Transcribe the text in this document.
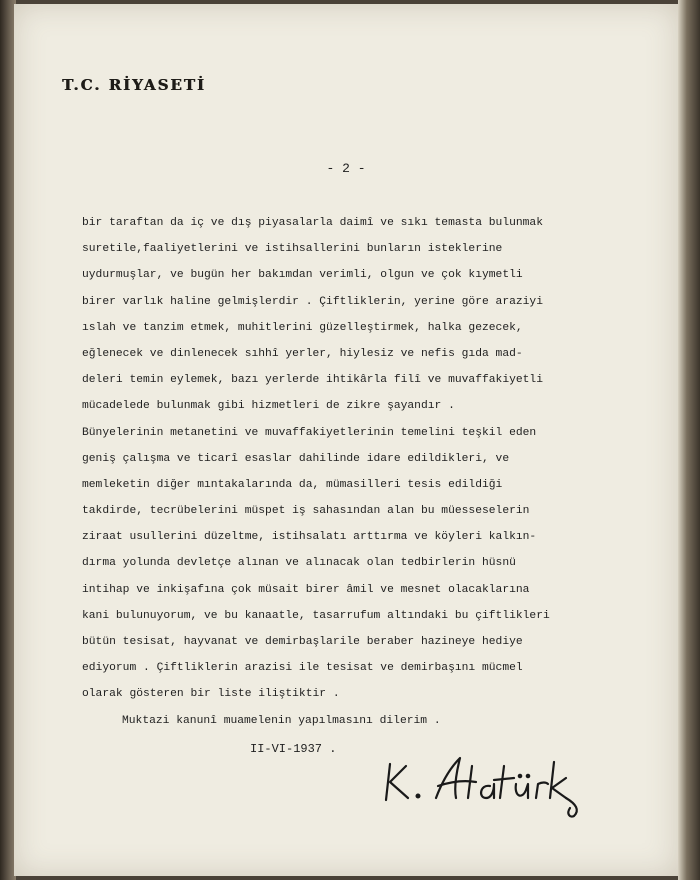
T.C. RİYASETİ
- 2 -
bir taraftan da iç ve dış piyasalarla daimî ve sıkı temasta bulunmak
suretile,faaliyetlerini ve istihsallerini bunların isteklerine
uydurmuşlar, ve bugün her bakımdan verimli, olgun ve çok kıymetli
birer varlık haline gelmişlerdir . Çiftliklerin, yerine göre araziyi
ıslah ve tanzim etmek, muhitlerini güzelleştirmek, halka gezecek,
eğlenecek ve dinlenecek sıhhî yerler, hiylesiz ve nefis gıda mad-
deleri temin eylemek, bazı yerlerde ihtikârla filî ve muvaffakiyetli
mücadelede bulunmak gibi hizmetleri de zikre şayandır .
Bünyelerinin metanetini ve muvaffakiyetlerinin temelini teşkil eden
geniş çalışma ve ticarî esaslar dahilinde idare edildikleri, ve
memleketin diğer mıntakalarında da, mümasilleri tesis edildiği
takdirde, tecrübelerini müspet iş sahasından alan bu müesseselerin
ziraat usullerini düzeltme, istihsalatı arttırma ve köyleri kalkın-
dırma yolunda devletçe alınan ve alınacak olan tedbirlerin hüsnü
intihap ve inkişafına çok müsait birer âmil ve mesnet olacaklarına
kani bulunuyorum, ve bu kanaatle, tasarrufum altındaki bu çiftlikleri
bütün tesisat, hayvanat ve demirbaşlarile beraber hazineye hediye
ediyorum . Çiftliklerin arazisi ile tesisat ve demirbaşını mücmel
olarak gösteren bir liste iliştiktir .
Muktazi kanunî muamelenin yapılmasını dilerim .
II-VI-1937 .
